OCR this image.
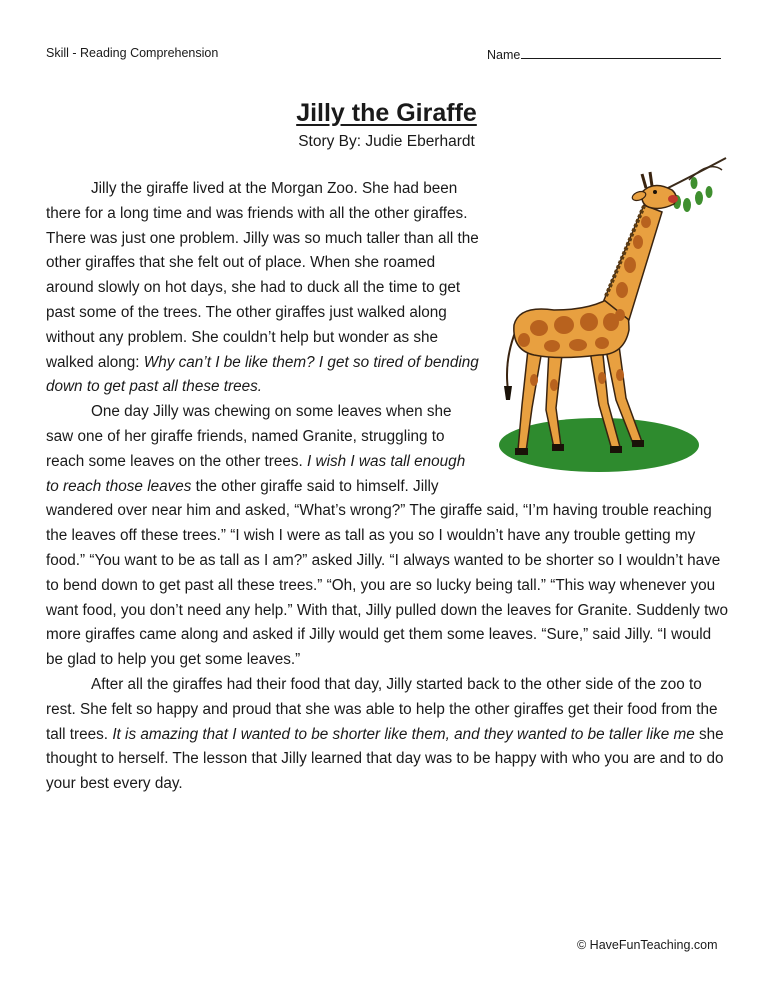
Skill - Reading Comprehension	Name
Jilly the Giraffe
Story By: Judie Eberhardt

Jilly the giraffe lived at the Morgan Zoo. She had been there for a long time and was friends with all the other giraffes. There was just one problem. Jilly was so much taller than all the other giraffes that she felt out of place. When she roamed around slowly on hot days, she had to duck all the time to get past some of the trees. The other giraffes just walked along without any problem. She couldn’t help but wonder as she walked along: Why can’t I be like them? I get so tired of bending down to get past all these trees.

One day Jilly was chewing on some leaves when she saw one of her giraffe friends, named Granite, struggling to reach some leaves on the other trees. I wish I was tall enough to reach those leaves the other giraffe said to himself. Jilly wandered over near him and asked, “What’s wrong?” The giraffe said, “I’m having trouble reaching the leaves off these trees.” “I wish I were as tall as you so I wouldn’t have any trouble getting my food.” “You want to be as tall as I am?” asked Jilly. “I always wanted to be shorter so I wouldn’t have to bend down to get past all these trees.” “Oh, you are so lucky being tall.” “This way whenever you want food, you don’t need any help.” With that, Jilly pulled down the leaves for Granite. Suddenly two more giraffes came along and asked if Jilly would get them some leaves. “Sure,” said Jilly. “I would be glad to help you get some leaves.”

After all the giraffes had their food that day, Jilly started back to the other side of the zoo to rest. She felt so happy and proud that she was able to help the other giraffes get their food from the tall trees. It is amazing that I wanted to be shorter like them, and they wanted to be taller like me she thought to herself. The lesson that Jilly learned that day was to be happy with who you are and to do your best every day.

© HaveFunTeaching.com
